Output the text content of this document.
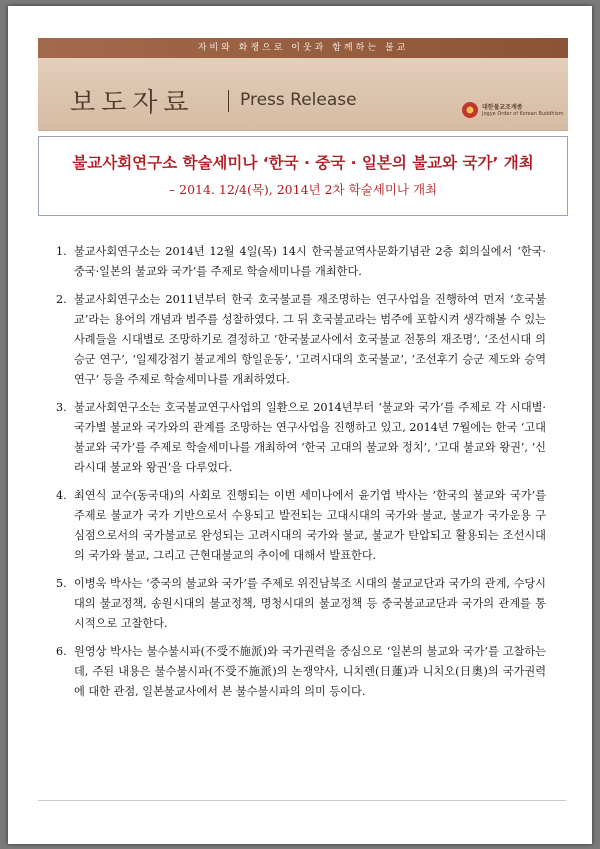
자비와 화쟁으로 이웃과 함께하는 불교
보도자료	Press Release	대한불교조계종
Jogye Order of Korean Buddhism
불교사회연구소 학술세미나 ‘한국 · 중국 · 일본의 불교와 국가’ 개최
– 2014. 12/4(목), 2014년 2차 학술세미나 개최
1. 불교사회연구소는 2014년 12월 4일(목) 14시 한국불교역사문화기념관 2층 회의실에서 ‘한국·중국·일본의 불교와 국가’를 주제로 학술세미나를 개최한다.
2. 불교사회연구소는 2011년부터 한국 호국불교를 재조명하는 연구사업을 진행하여 먼저 ‘호국불교’라는 용어의 개념과 범주를 성찰하였다. 그 뒤 호국불교라는 범주에 포함시켜 생각해볼 수 있는 사례들을 시대별로 조망하기로 결정하고 ‘한국불교사에서 호국불교 전통의 재조명’, ‘조선시대 의승군 연구’, ‘일제강점기 불교계의 항일운동’, ‘고려시대의 호국불교’, ‘조선후기 승군 제도와 승역 연구’ 등을 주제로 학술세미나를 개최하였다.
3. 불교사회연구소는 호국불교연구사업의 일환으로 2014년부터 ‘불교와 국가’를 주제로 각 시대별·국가별 불교와 국가와의 관계를 조망하는 연구사업을 진행하고 있고, 2014년 7월에는 한국 ‘고대 불교와 국가’를 주제로 학술세미나를 개최하여 ‘한국 고대의 불교와 정치’, ‘고대 불교와 왕권’, ‘신라시대 불교와 왕권’을 다루었다.
4. 최연식 교수(동국대)의 사회로 진행되는 이번 세미나에서 윤기엽 박사는 ‘한국의 불교와 국가’를 주제로 불교가 국가 기반으로서 수용되고 발전되는 고대시대의 국가와 불교, 불교가 국가운용 구심점으로서의 국가불교로 완성되는 고려시대의 국가와 불교, 불교가 탄압되고 활용되는 조선시대의 국가와 불교, 그리고 근현대불교의 추이에 대해서 발표한다.
5. 이병욱 박사는 ‘중국의 불교와 국가’를 주제로 위진남북조 시대의 불교교단과 국가의 관계, 수당시대의 불교정책, 송원시대의 불교정책, 명청시대의 불교정책 등 중국불교교단과 국가의 관계를 통시적으로 고찰한다.
6. 원영상 박사는 불수불시파(不受不施派)와 국가권력을 중심으로 ‘일본의 불교와 국가’를 고찰하는데, 주된 내용은 불수불시파(不受不施派)의 논쟁약사, 니치렌(日蓮)과 니치오(日奧)의 국가권력에 대한 관점, 일본불교사에서 본 불수불시파의 의미 등이다.
